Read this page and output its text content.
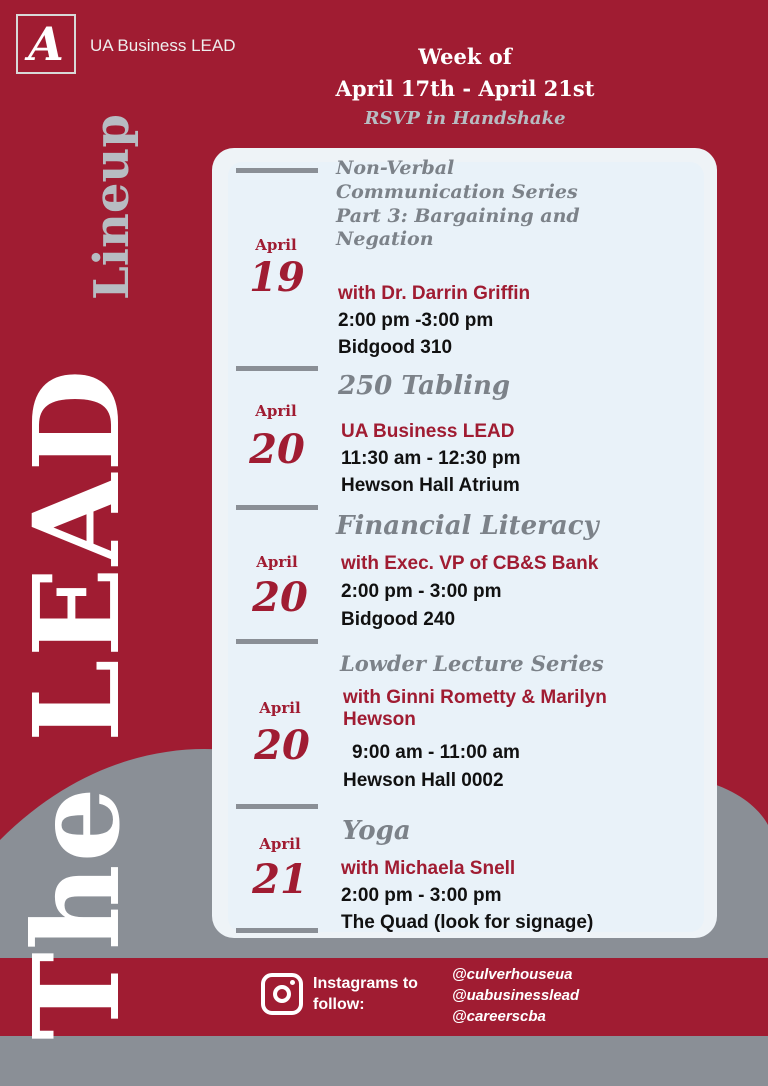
A UA Business LEAD	Week of
April 17th - April 21st
RSVP in Handshake
The LEAD
Lineup	April
19
Non-Verbal
Communication Series
Part 3: Bargaining and
Negation
with Dr. Darrin Griffin
2:00 pm -3:00 pm
Bidgood 310
April
20
250 Tabling
UA Business LEAD
11:30 am - 12:30 pm
Hewson Hall Atrium
April
20
Financial Literacy
with Exec. VP of CB&S Bank
2:00 pm - 3:00 pm
Bidgood 240
April
20
Lowder Lecture Series
with Ginni Rometty & Marilyn
Hewson
9:00 am - 11:00 am
Hewson Hall 0002
April
21
Yoga
with Michaela Snell
2:00 pm - 3:00 pm
The Quad (look for signage)
Instagrams to follow:
@culverhouseua
@uabusinesslead
@careerscba
